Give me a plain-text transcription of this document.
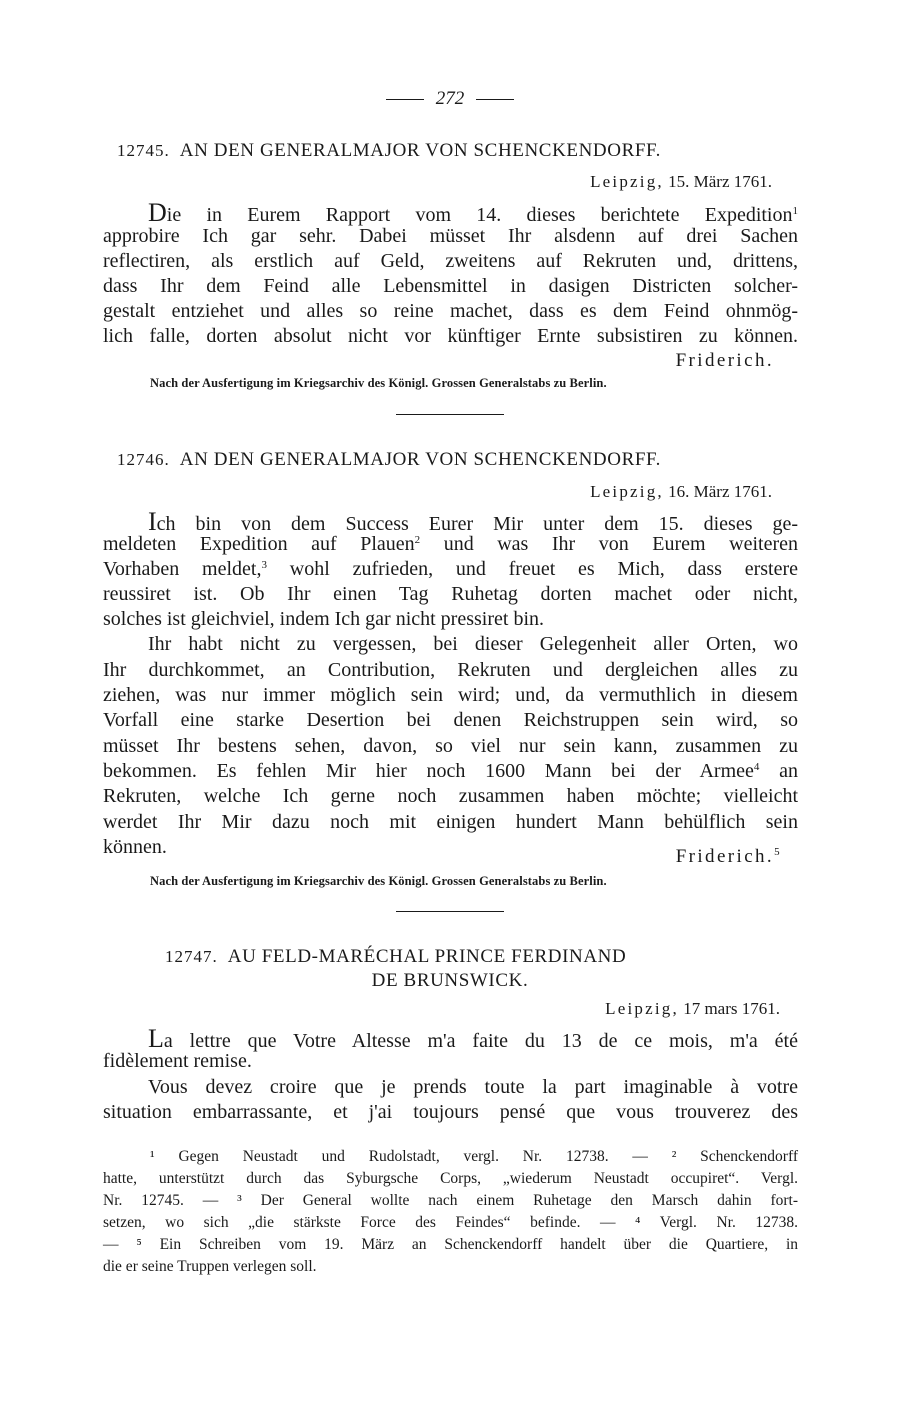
272
12745. AN DEN GENERALMAJOR VON SCHENCKENDORFF.
Leipzig, 15. März 1761.
Die in Eurem Rapport vom 14. dieses berichtete Expedition$^1$
approbire Ich gar sehr. Dabei müsset Ihr alsdenn auf drei Sachen
reflectiren, als erstlich auf Geld, zweitens auf Rekruten und, drittens,
dass Ihr dem Feind alle Lebensmittel in dasigen Districten solcher-
gestalt entziehet und alles so reine machet, dass es dem Feind ohnmög-
lich falle, dorten absolut nicht vor künftiger Ernte subsistiren zu können.
Friderich.
Nach der Ausfertigung im Kriegsarchiv des Königl. Grossen Generalstabs zu Berlin.
12746. AN DEN GENERALMAJOR VON SCHENCKENDORFF.
Leipzig, 16. März 1761.
Ich bin von dem Success Eurer Mir unter dem 15. dieses ge-
meldeten Expedition auf Plauen$^2$ und was Ihr von Eurem weiteren
Vorhaben meldet,$^3$ wohl zufrieden, und freuet es Mich, dass erstere
reussiret ist. Ob Ihr einen Tag Ruhetag dorten machet oder nicht,
solches ist gleichviel, indem Ich gar nicht pressiret bin.
Ihr habt nicht zu vergessen, bei dieser Gelegenheit aller Orten, wo
Ihr durchkommet, an Contribution, Rekruten und dergleichen alles zu
ziehen, was nur immer möglich sein wird; und, da vermuthlich in diesem
Vorfall eine starke Desertion bei denen Reichstruppen sein wird, so
müsset Ihr bestens sehen, davon, so viel nur sein kann, zusammen zu
bekommen. Es fehlen Mir hier noch 1600 Mann bei der Armee$^4$ an
Rekruten, welche Ich gerne noch zusammen haben möchte; vielleicht
werdet Ihr Mir dazu noch mit einigen hundert Mann behülflich sein
können.	Friderich.$^5$
Nach der Ausfertigung im Kriegsarchiv des Königl. Grossen Generalstabs zu Berlin.
12747. AU FELD-MARÉCHAL PRINCE FERDINAND
DE BRUNSWICK.
Leipzig, 17 mars 1761.
La lettre que Votre Altesse m'a faite du 13 de ce mois, m'a été
fidèlement remise.
Vous devez croire que je prends toute la part imaginable à votre
situation embarrassante, et j'ai toujours pensé que vous trouverez des
¹ Gegen Neustadt und Rudolstadt, vergl. Nr. 12738. — ² Schenckendorff
hatte, unterstützt durch das Syburgsche Corps, „wiederum Neustadt occupiret“. Vergl.
Nr. 12745. — ³ Der General wollte nach einem Ruhetage den Marsch dahin fort-
setzen, wo sich „die stärkste Force des Feindes“ befinde. — ⁴ Vergl. Nr. 12738.
— ⁵ Ein Schreiben vom 19. März an Schenckendorff handelt über die Quartiere, in
die er seine Truppen verlegen soll.
